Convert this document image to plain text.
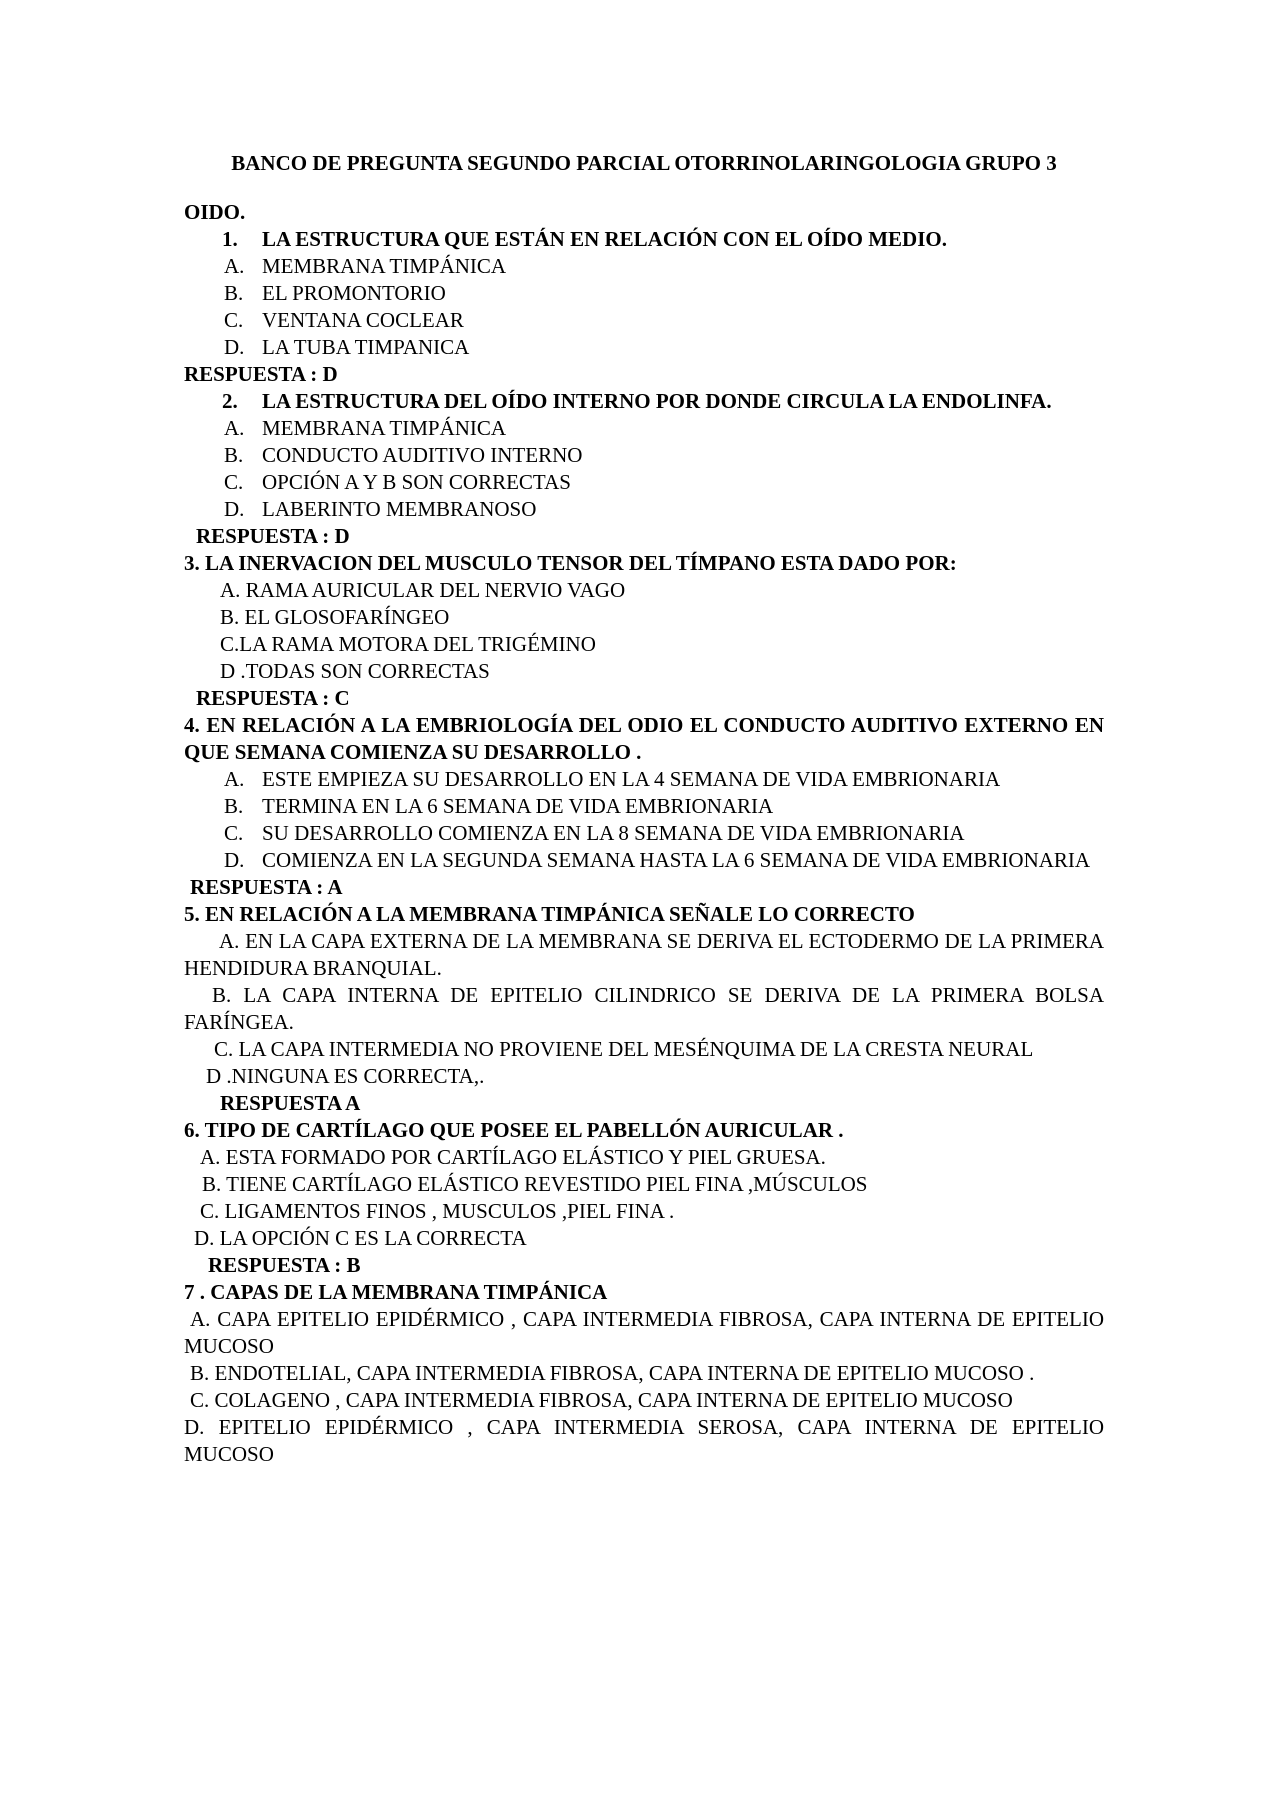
BANCO DE PREGUNTA SEGUNDO PARCIAL OTORRINOLARINGOLOGIA GRUPO 3
OIDO.
1. LA ESTRUCTURA QUE ESTÁN EN RELACIÓN CON EL OÍDO MEDIO.
A. MEMBRANA TIMPÁNICA
B. EL PROMONTORIO
C. VENTANA COCLEAR
D. LA TUBA TIMPANICA
RESPUESTA : D
2. LA ESTRUCTURA DEL OÍDO INTERNO POR DONDE CIRCULA LA ENDOLINFA.
A. MEMBRANA TIMPÁNICA
B. CONDUCTO AUDITIVO INTERNO
C. OPCIÓN A Y B SON CORRECTAS
D. LABERINTO MEMBRANOSO
RESPUESTA : D
3. LA INERVACION DEL MUSCULO TENSOR DEL TÍMPANO ESTA DADO POR:
A. RAMA AURICULAR DEL NERVIO VAGO
B. EL GLOSOFARÍNGEO
C.LA RAMA MOTORA DEL TRIGÉMINO
D .TODAS SON CORRECTAS
RESPUESTA : C
4. EN RELACIÓN A LA EMBRIOLOGÍA DEL ODIO EL CONDUCTO AUDITIVO EXTERNO EN QUE SEMANA COMIENZA SU DESARROLLO .
A. ESTE EMPIEZA SU DESARROLLO EN LA 4 SEMANA DE VIDA EMBRIONARIA
B. TERMINA EN LA 6 SEMANA DE VIDA EMBRIONARIA
C. SU DESARROLLO COMIENZA EN LA 8 SEMANA DE VIDA EMBRIONARIA
D. COMIENZA EN LA SEGUNDA SEMANA HASTA LA 6 SEMANA DE VIDA EMBRIONARIA
RESPUESTA : A
5. EN RELACIÓN A LA MEMBRANA TIMPÁNICA SEÑALE LO CORRECTO
A. EN LA CAPA EXTERNA DE LA MEMBRANA SE DERIVA EL ECTODERMO DE LA PRIMERA HENDIDURA BRANQUIAL.
B. LA CAPA INTERNA DE EPITELIO CILINDRICO SE DERIVA DE LA PRIMERA BOLSA FARÍNGEA.
C. LA CAPA INTERMEDIA NO PROVIENE DEL MESÉNQUIMA DE LA CRESTA NEURAL
D .NINGUNA ES CORRECTA,.
RESPUESTA A
6. TIPO DE CARTÍLAGO QUE POSEE EL PABELLÓN AURICULAR .
A. ESTA FORMADO POR CARTÍLAGO ELÁSTICO Y PIEL GRUESA.
B. TIENE CARTÍLAGO ELÁSTICO REVESTIDO PIEL FINA ,MÚSCULOS
C. LIGAMENTOS FINOS , MUSCULOS ,PIEL FINA .
D. LA OPCIÓN C ES LA CORRECTA
RESPUESTA : B
7 . CAPAS DE LA MEMBRANA TIMPÁNICA
A. CAPA EPITELIO EPIDÉRMICO , CAPA INTERMEDIA FIBROSA, CAPA INTERNA DE EPITELIO MUCOSO
B. ENDOTELIAL, CAPA INTERMEDIA FIBROSA, CAPA INTERNA DE EPITELIO MUCOSO .
C. COLAGENO , CAPA INTERMEDIA FIBROSA, CAPA INTERNA DE EPITELIO MUCOSO
D. EPITELIO EPIDÉRMICO , CAPA INTERMEDIA SEROSA, CAPA INTERNA DE EPITELIO MUCOSO
